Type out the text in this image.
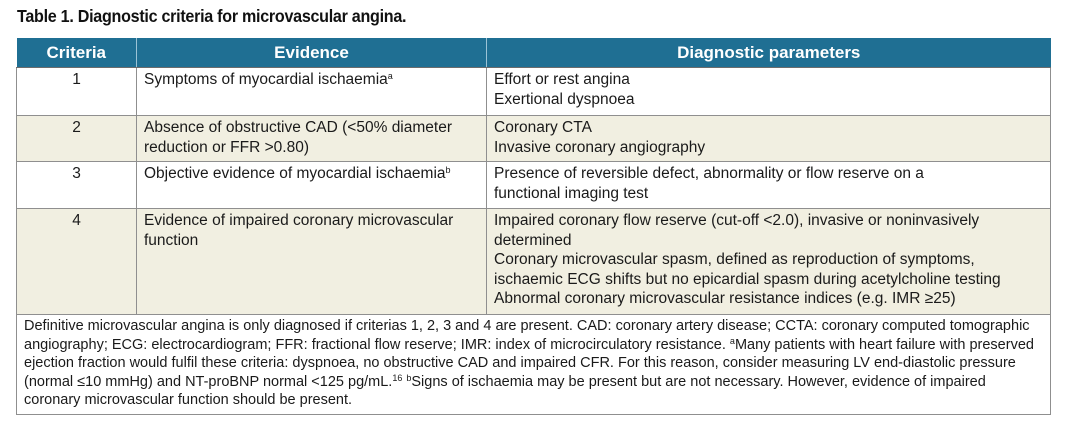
Table 1. Diagnostic criteria for microvascular angina.
Criteria	Evidence	Diagnostic parameters
1	Symptoms of myocardial ischaemia$^a$	Effort or rest angina
Exertional dyspnoea

2	Absence of obstructive CAD (<50% diameter reduction or FFR >0.80)	Coronary CTA
Invasive coronary angiography

3	Objective evidence of myocardial ischaemia$^b$	Presence of reversible defect, abnormality or flow reserve on a functional imaging test

4	Evidence of impaired coronary microvascular function	Impaired coronary flow reserve (cut-off <2.0), invasive or noninvasively determined
Coronary microvascular spasm, defined as reproduction of symptoms, ischaemic ECG shifts but no epicardial spasm during acetylcholine testing
Abnormal coronary microvascular resistance indices (e.g. IMR ≥25)

Definitive microvascular angina is only diagnosed if criterias 1, 2, 3 and 4 are present. CAD: coronary artery disease; CCTA: coronary computed tomographic angiography; ECG: electrocardiogram; FFR: fractional flow reserve; IMR: index of microcirculatory resistance. $^a$Many patients with heart failure with preserved ejection fraction would fulfil these criteria: dyspnoea, no obstructive CAD and impaired CFR. For this reason, consider measuring LV end-diastolic pressure (normal ≤10 mmHg) and NT-proBNP normal <125 pg/mL.$^{16}$ $^b$Signs of ischaemia may be present but are not necessary. However, evidence of impaired coronary microvascular function should be present.		
